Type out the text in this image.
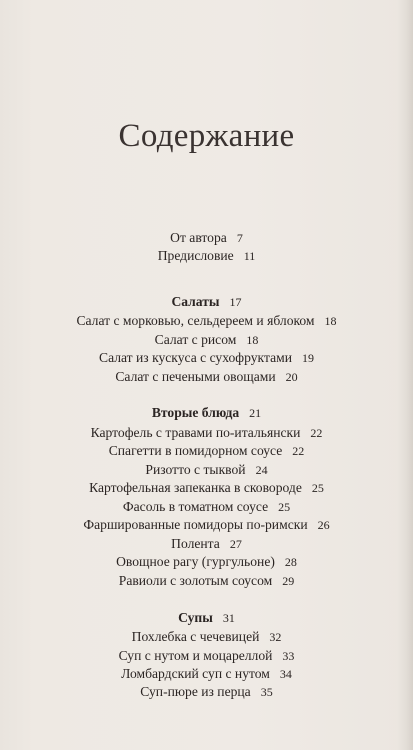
Содержание
От автора 7
Предисловие 11
Салаты 17
Салат с морковью, сельдереем и яблоком 18
Салат с рисом 18
Салат из кускуса с сухофруктами 19
Салат с печеными овощами 20
Вторые блюда 21
Картофель с травами по-итальянски 22
Спагетти в помидорном соусе 22
Ризотто с тыквой 24
Картофельная запеканка в сковороде 25
Фасоль в томатном соусе 25
Фаршированные помидоры по-римски 26
Полента 27
Овощное рагу (гургульоне) 28
Равиоли с золотым соусом 29
Супы 31
Похлебка с чечевицей 32
Суп с нутом и моцареллой 33
Ломбардский суп с нутом 34
Суп-пюре из перца 35
